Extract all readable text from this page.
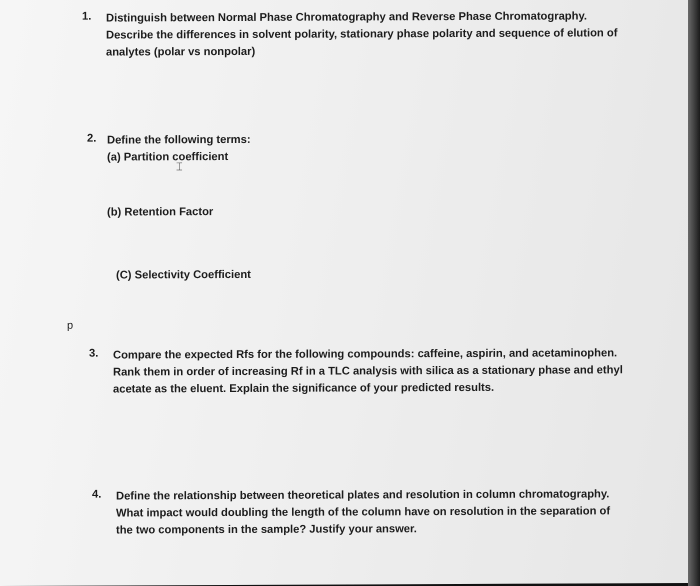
1. Distinguish between Normal Phase Chromatography and Reverse Phase Chromatography.
Describe the differences in solvent polarity, stationary phase polarity and sequence of elution of
analytes (polar vs nonpolar)
2. Define the following terms:
(a) Partition coefficient
⌶
(b) Retention Factor
(C) Selectivity Coefficient
p
3. Compare the expected Rfs for the following compounds: caffeine, aspirin, and acetaminophen.
Rank them in order of increasing Rf in a TLC analysis with silica as a stationary phase and ethyl
acetate as the eluent. Explain the significance of your predicted results.
4. Define the relationship between theoretical plates and resolution in column chromatography.
What impact would doubling the length of the column have on resolution in the separation of
the two components in the sample? Justify your answer.
